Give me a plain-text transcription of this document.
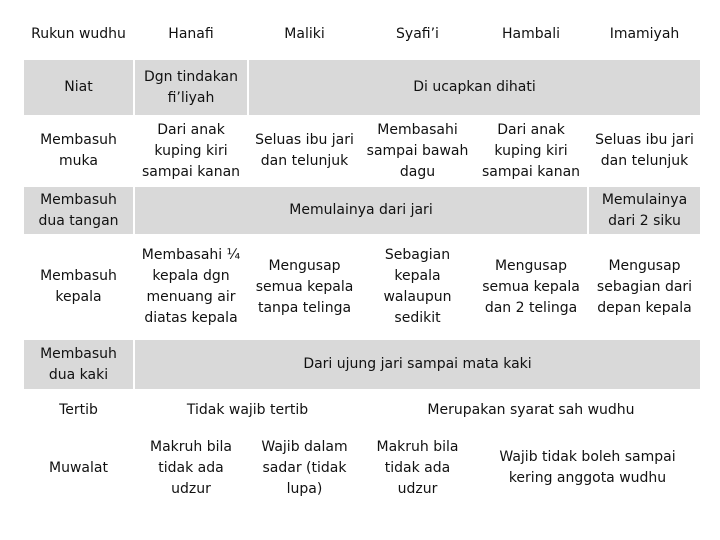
Rukun wudhu	Hanafi	Maliki	Syafi’i	Hambali	Imamiyah
Niat	Dgn tindakan fi’liyah	Di ucapkan dihati			
Membasuh muka	Dari anak kuping kiri sampai kanan	Seluas ibu jari dan telunjuk	Membasahi sampai bawah dagu	Dari anak kuping kiri sampai kanan	Seluas ibu jari dan telunjuk
Membasuh dua tangan	Memulainya dari jari				Memulainya dari 2 siku
Membasuh kepala	Membasahi ¼ kepala dgn menuang air diatas kepala	Mengusap semua kepala tanpa telinga	Sebagian kepala walaupun sedikit	Mengusap semua kepala dan 2 telinga	Mengusap sebagian dari depan kepala
Membasuh dua kaki	Dari ujung jari sampai mata kaki				
Tertib	Tidak wajib tertib		Merupakan syarat sah wudhu		
Muwalat	Makruh bila tidak ada udzur	Wajib dalam sadar (tidak lupa)	Makruh bila tidak ada udzur	Wajib tidak boleh sampai kering anggota wudhu	
